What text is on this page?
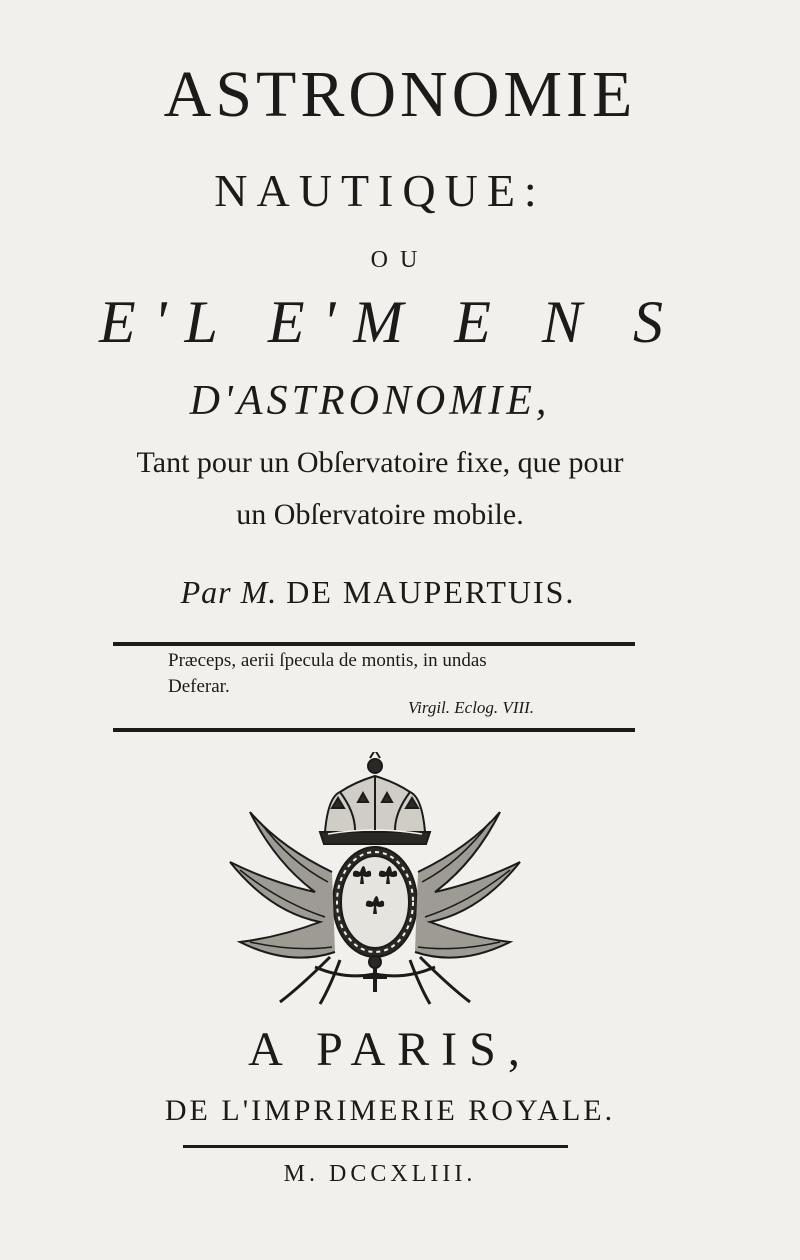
ASTRONOMIE
NAUTIQUE:
OU
E'L E'M E N S
D'ASTRONOMIE,
Tant pour un Obſervatoire fixe, que pour
un Obſervatoire mobile.
Par M. DE MAUPERTUIS.
Præceps, aerii ſpecula de montis, in undas
Deferar.
Virgil. Eclog. VIII.
A PARIS,
DE L'IMPRIMERIE ROYALE.
M. DCCXLIII.
